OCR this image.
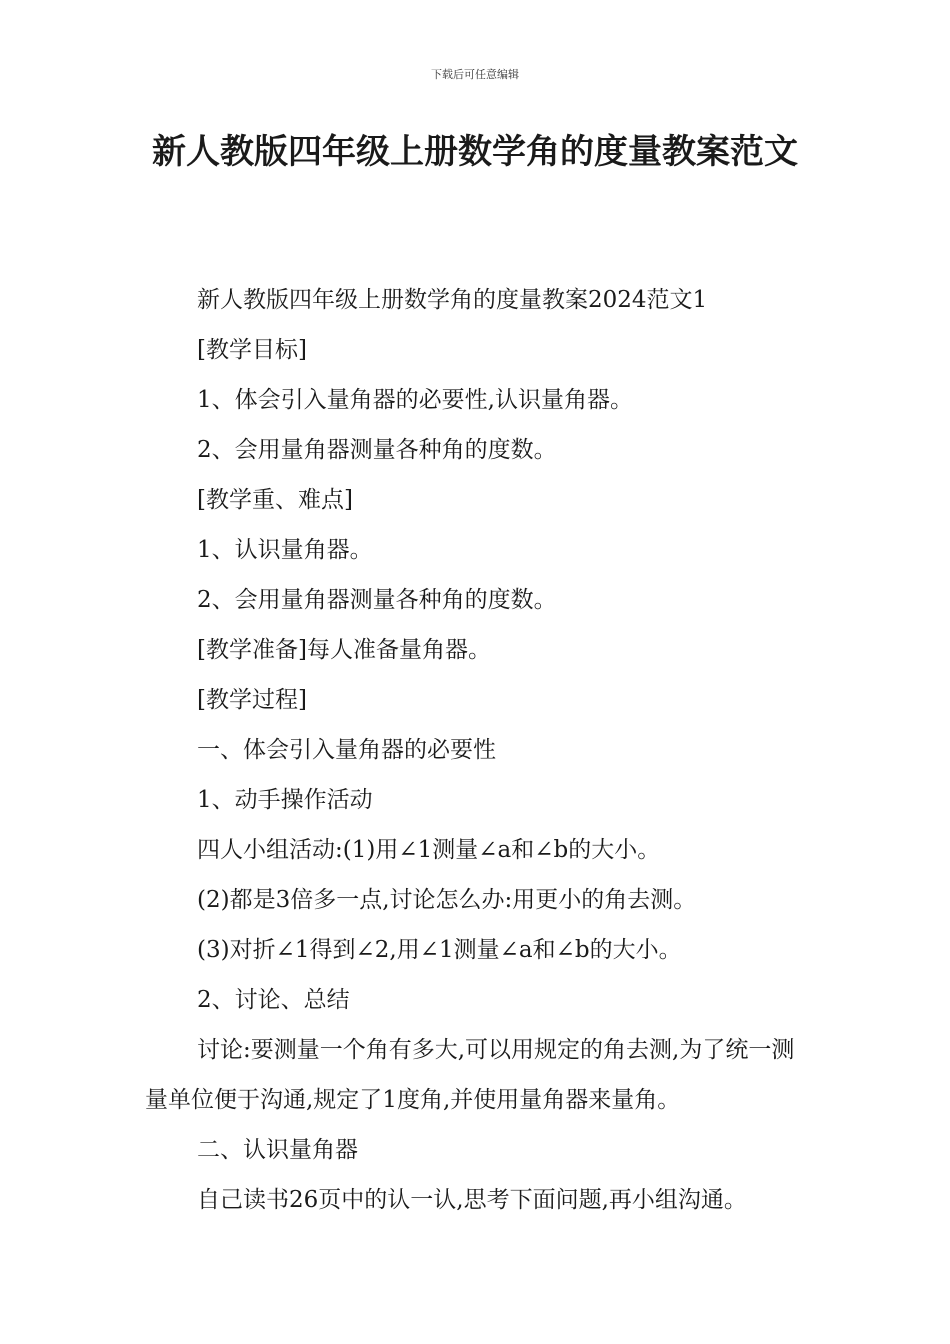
下载后可任意编辑
新人教版四年级上册数学角的度量教案范文

新人教版四年级上册数学角的度量教案2024范文1

[教学目标]

1、体会引入量角器的必要性,认识量角器。

2、会用量角器测量各种角的度数。

[教学重、难点]

1、认识量角器。

2、会用量角器测量各种角的度数。

[教学准备]每人准备量角器。

[教学过程]

一、体会引入量角器的必要性

1、动手操作活动

四人小组活动:(1)用∠1测量∠a和∠b的大小。

(2)都是3倍多一点,讨论怎么办:用更小的角去测。

(3)对折∠1得到∠2,用∠1测量∠a和∠b的大小。

2、讨论、总结

讨论:要测量一个角有多大,可以用规定的角去测,为了统一测量单位便于沟通,规定了1度角,并使用量角器来量角。

二、认识量角器

自己读书26页中的认一认,思考下面问题,再小组沟通。
